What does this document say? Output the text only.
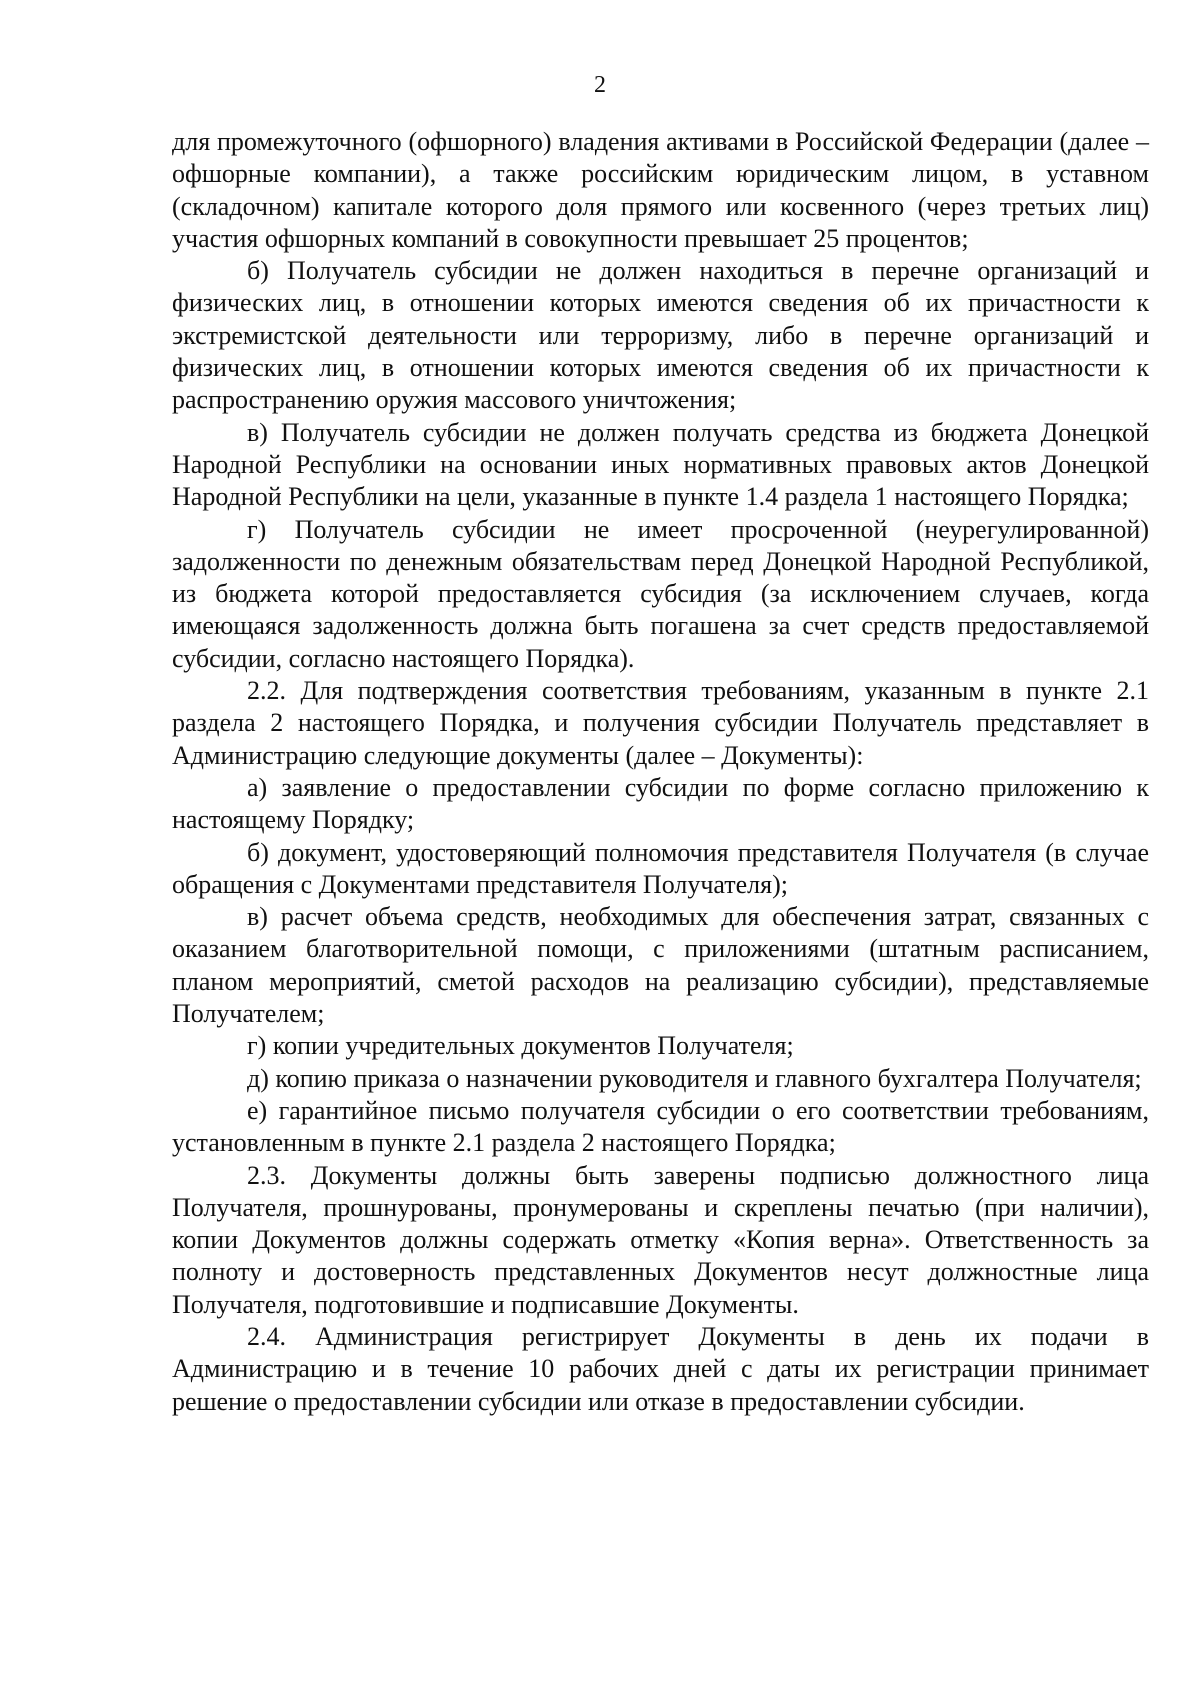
2

для промежуточного (офшорного) владения активами в Российской Федерации (далее – офшорные компании), а также российским юридическим лицом, в уставном (складочном) капитале которого доля прямого или косвенного (через третьих лиц) участия офшорных компаний в совокупности превышает 25 процентов;

б) Получатель субсидии не должен находиться в перечне организаций и физических лиц, в отношении которых имеются сведения об их причастности к экстремистской деятельности или терроризму, либо в перечне организаций и физических лиц, в отношении которых имеются сведения об их причастности к распространению оружия массового уничтожения;

в) Получатель субсидии не должен получать средства из бюджета Донецкой Народной Республики на основании иных нормативных правовых актов Донецкой Народной Республики на цели, указанные в пункте 1.4 раздела 1 настоящего Порядка;

г) Получатель субсидии не имеет просроченной (неурегулированной) задолженности по денежным обязательствам перед Донецкой Народной Республикой, из бюджета которой предоставляется субсидия (за исключением случаев, когда имеющаяся задолженность должна быть погашена за счет средств предоставляемой субсидии, согласно настоящего Порядка).

2.2. Для подтверждения соответствия требованиям, указанным в пункте 2.1 раздела 2 настоящего Порядка, и получения субсидии Получатель представляет в Администрацию следующие документы (далее – Документы):

а) заявление о предоставлении субсидии по форме согласно приложению к настоящему Порядку;

б) документ, удостоверяющий полномочия представителя Получателя (в случае обращения с Документами представителя Получателя);

в) расчет объема средств, необходимых для обеспечения затрат, связанных с оказанием благотворительной помощи, с приложениями (штатным расписанием, планом мероприятий, сметой расходов на реализацию субсидии), представляемые Получателем;

г) копии учредительных документов Получателя;

д) копию приказа о назначении руководителя и главного бухгалтера Получателя;

е) гарантийное письмо получателя субсидии о его соответствии требованиям, установленным в пункте 2.1 раздела 2 настоящего Порядка;

2.3. Документы должны быть заверены подписью должностного лица Получателя, прошнурованы, пронумерованы и скреплены печатью (при наличии), копии Документов должны содержать отметку «Копия верна». Ответственность за полноту и достоверность представленных Документов несут должностные лица Получателя, подготовившие и подписавшие Документы.

2.4. Администрация регистрирует Документы в день их подачи в Администрацию и в течение 10 рабочих дней с даты их регистрации принимает решение о предоставлении субсидии или отказе в предоставлении субсидии.
